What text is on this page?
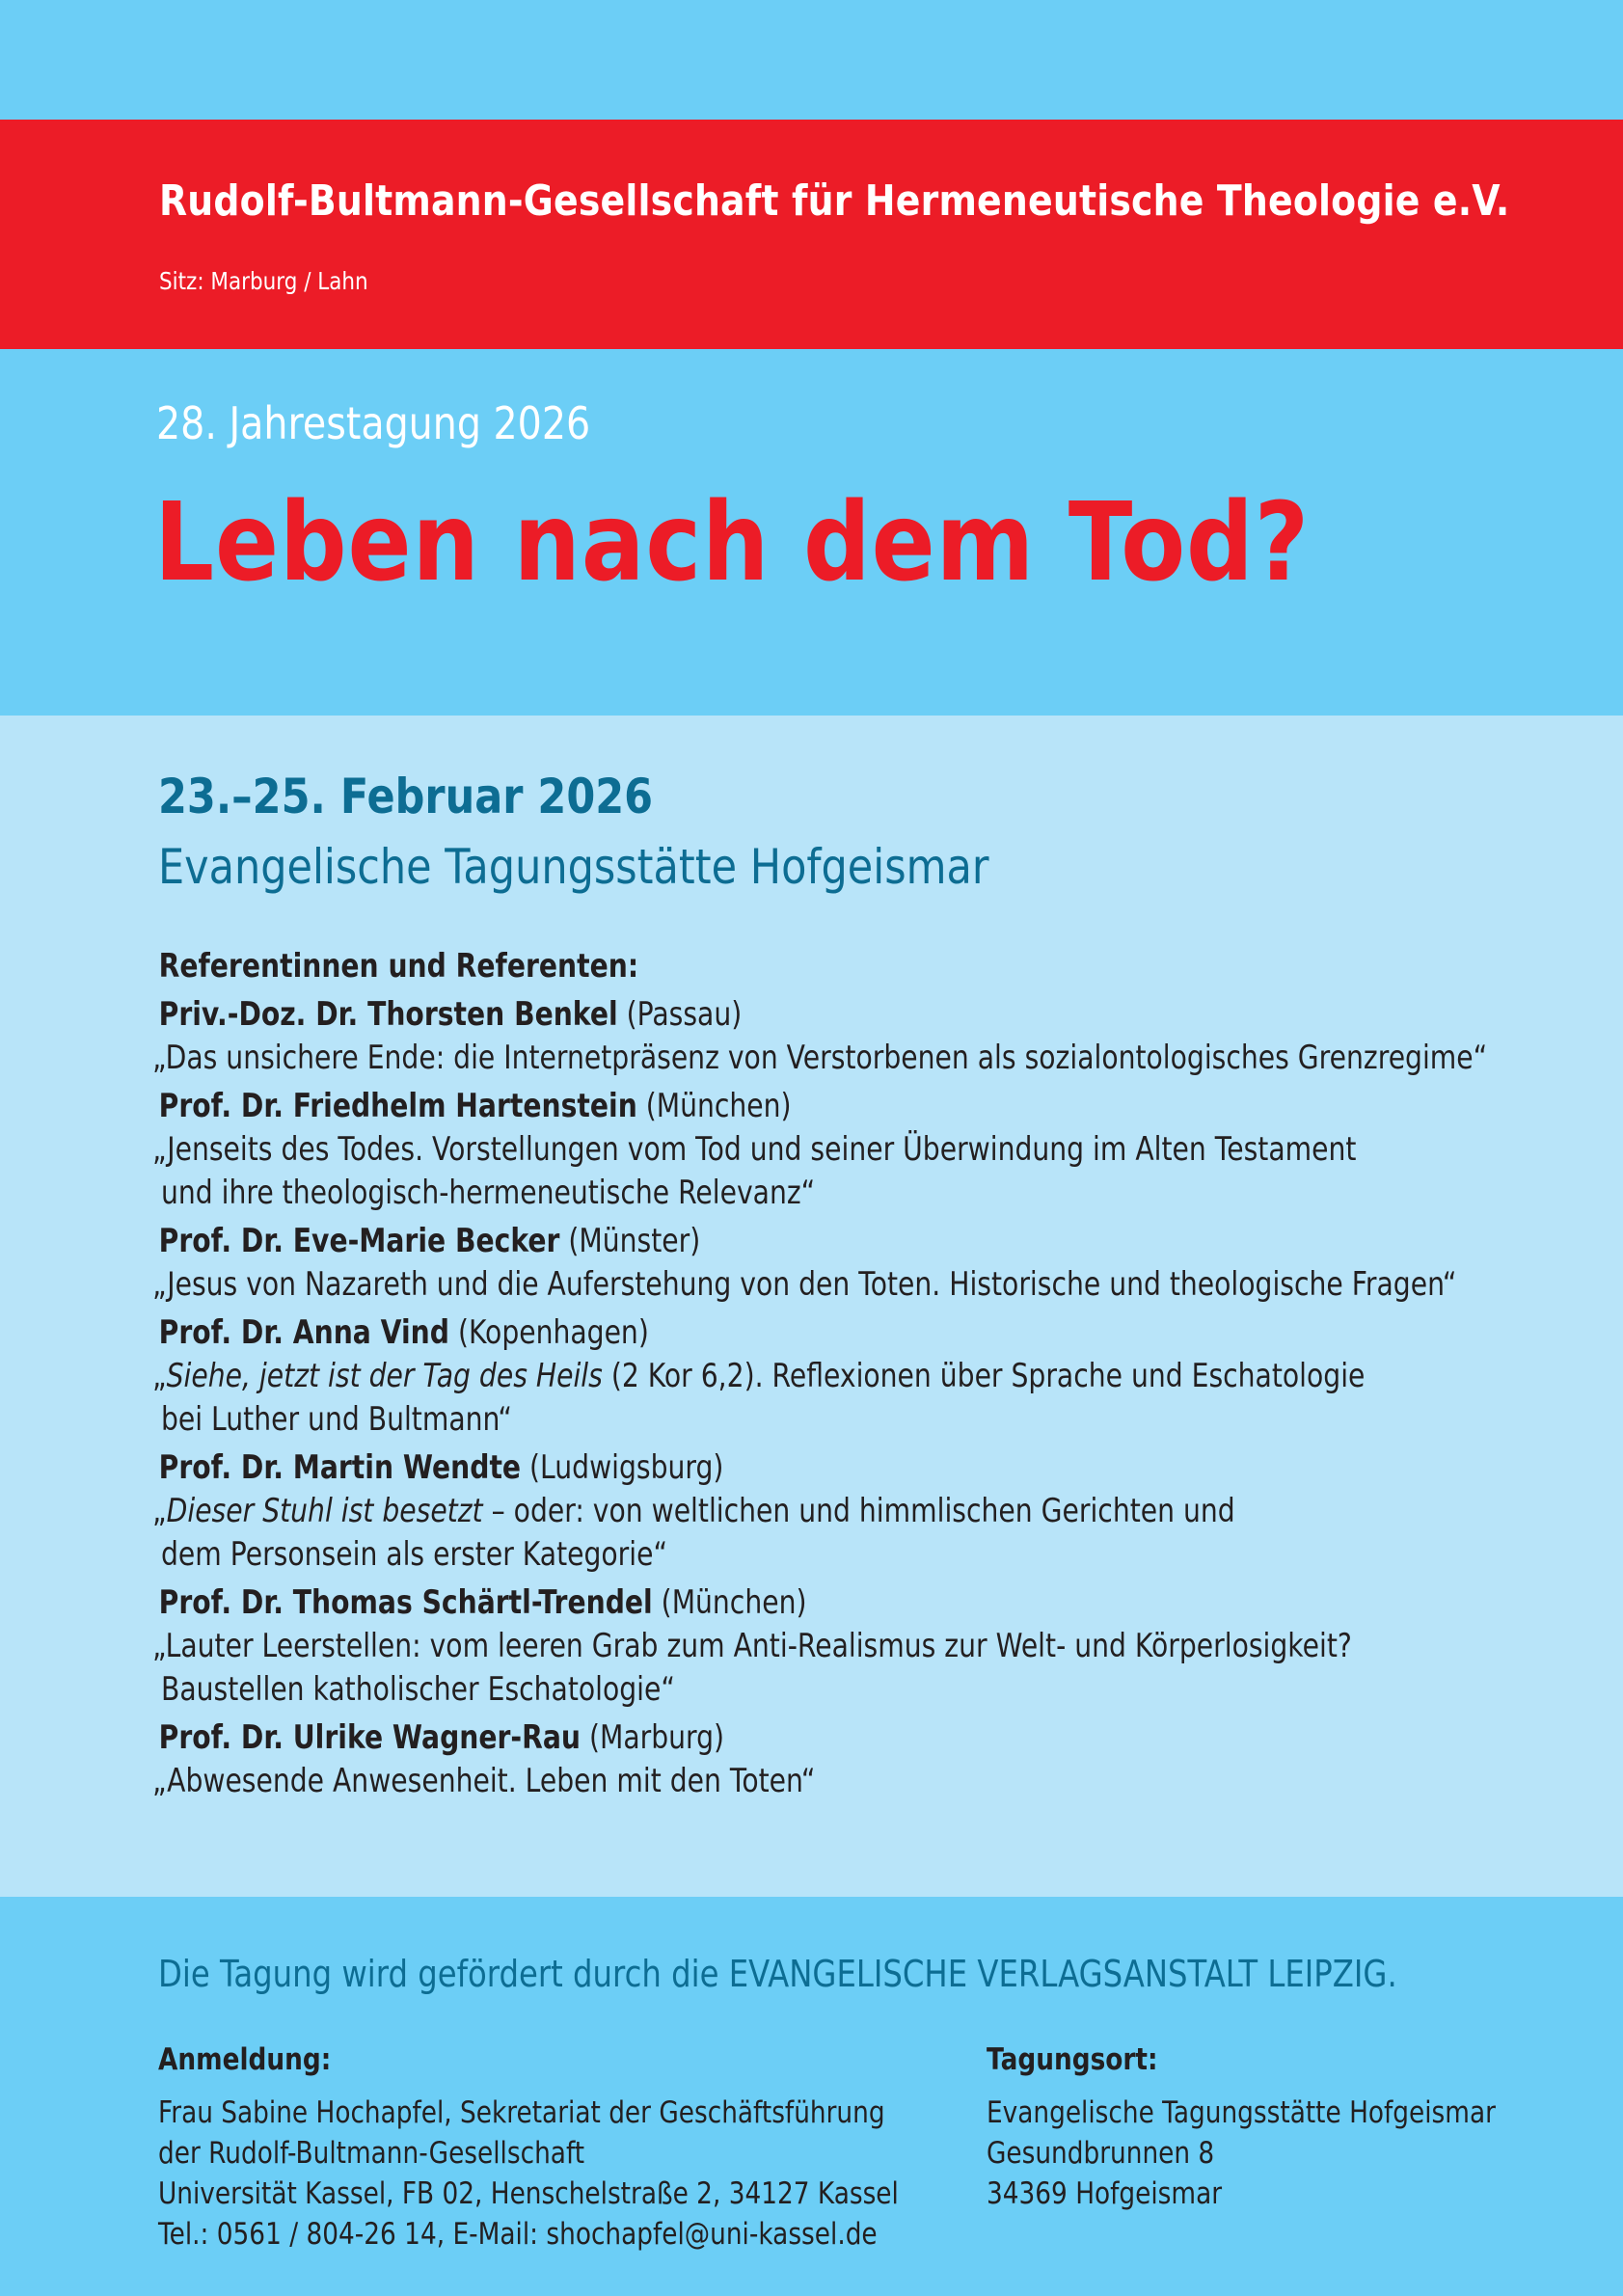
Rudolf-Bultmann-Gesellschaft für Hermeneutische Theologie e.V.
Sitz: Marburg / Lahn
28. Jahrestagung 2026
Leben nach dem Tod?
23.–25. Februar 2026
Evangelische Tagungsstätte Hofgeismar
Referentinnen und Referenten:
Priv.-Doz. Dr. Thorsten Benkel (Passau)
„Das unsichere Ende: die Internetpräsenz von Verstorbenen als sozialontologisches Grenzregime“
Prof. Dr. Friedhelm Hartenstein (München)
„Jenseits des Todes. Vorstellungen vom Tod und seiner Überwindung im Alten Testament
und ihre theologisch-hermeneutische Relevanz“
Prof. Dr. Eve-Marie Becker (Münster)
„Jesus von Nazareth und die Auferstehung von den Toten. Historische und theologische Fragen“
Prof. Dr. Anna Vind (Kopenhagen)
„Siehe, jetzt ist der Tag des Heils (2 Kor 6,2). Reflexionen über Sprache und Eschatologie
bei Luther und Bultmann“
Prof. Dr. Martin Wendte (Ludwigsburg)
„Dieser Stuhl ist besetzt – oder: von weltlichen und himmlischen Gerichten und
dem Personsein als erster Kategorie“
Prof. Dr. Thomas Schärtl-Trendel (München)
„Lauter Leerstellen: vom leeren Grab zum Anti-Realismus zur Welt- und Körperlosigkeit?
Baustellen katholischer Eschatologie“
Prof. Dr. Ulrike Wagner-Rau (Marburg)
„Abwesende Anwesenheit. Leben mit den Toten“
Die Tagung wird gefördert durch die EVANGELISCHE VERLAGSANSTALT LEIPZIG.
Anmeldung:
Frau Sabine Hochapfel, Sekretariat der Geschäftsführung
der Rudolf-Bultmann-Gesellschaft
Universität Kassel, FB 02, Henschelstraße 2, 34127 Kassel
Tel.: 0561 / 804-26 14, E-Mail: shochapfel@uni-kassel.de
Tagungsort:
Evangelische Tagungsstätte Hofgeismar
Gesundbrunnen 8
34369 Hofgeismar
